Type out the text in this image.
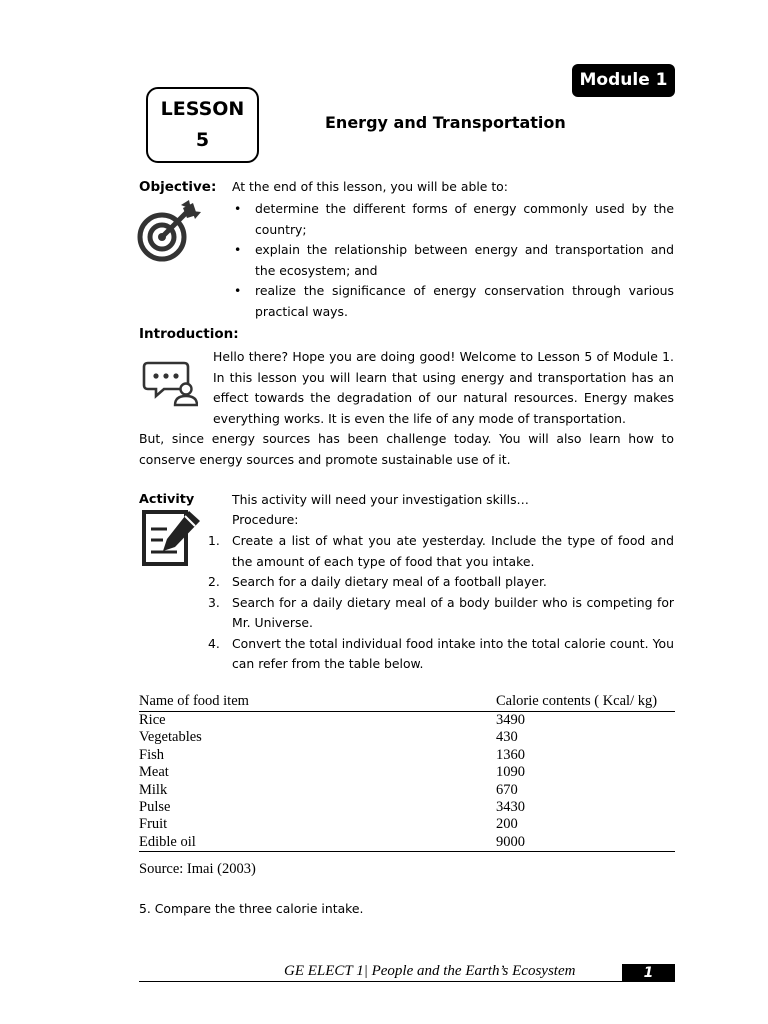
Module 1
LESSON
5
Energy and Transportation
Objective: At the end of this lesson, you will be able to:
• determine the different forms of energy commonly used by the country;
• explain the relationship between energy and transportation and the ecosystem; and
• realize the significance of energy conservation through various practical ways.
Introduction:
Hello there? Hope you are doing good! Welcome to Lesson 5 of Module 1. In this lesson you will learn that using energy and transportation has an effect towards the degradation of our natural resources. Energy makes everything works. It is even the life of any mode of transportation.
But, since energy sources has been challenge today. You will also learn how to conserve energy sources and promote sustainable use of it.
Activity	This activity will need your investigation skills…
Procedure:
1. Create a list of what you ate yesterday. Include the type of food and the amount of each type of food that you intake.
2. Search for a daily dietary meal of a football player.
3. Search for a daily dietary meal of a body builder who is competing for Mr. Universe.
4. Convert the total individual food intake into the total calorie count. You can refer from the table below.
Name of food item	Calorie contents ( Kcal/ kg)
Rice	3490
Vegetables	430
Fish	1360
Meat	1090
Milk	670
Pulse	3430
Fruit	200
Edible oil	9000
Source: Imai (2003)
5. Compare the three calorie intake.
GE ELECT 1| People and the Earth’s Ecosystem	1
